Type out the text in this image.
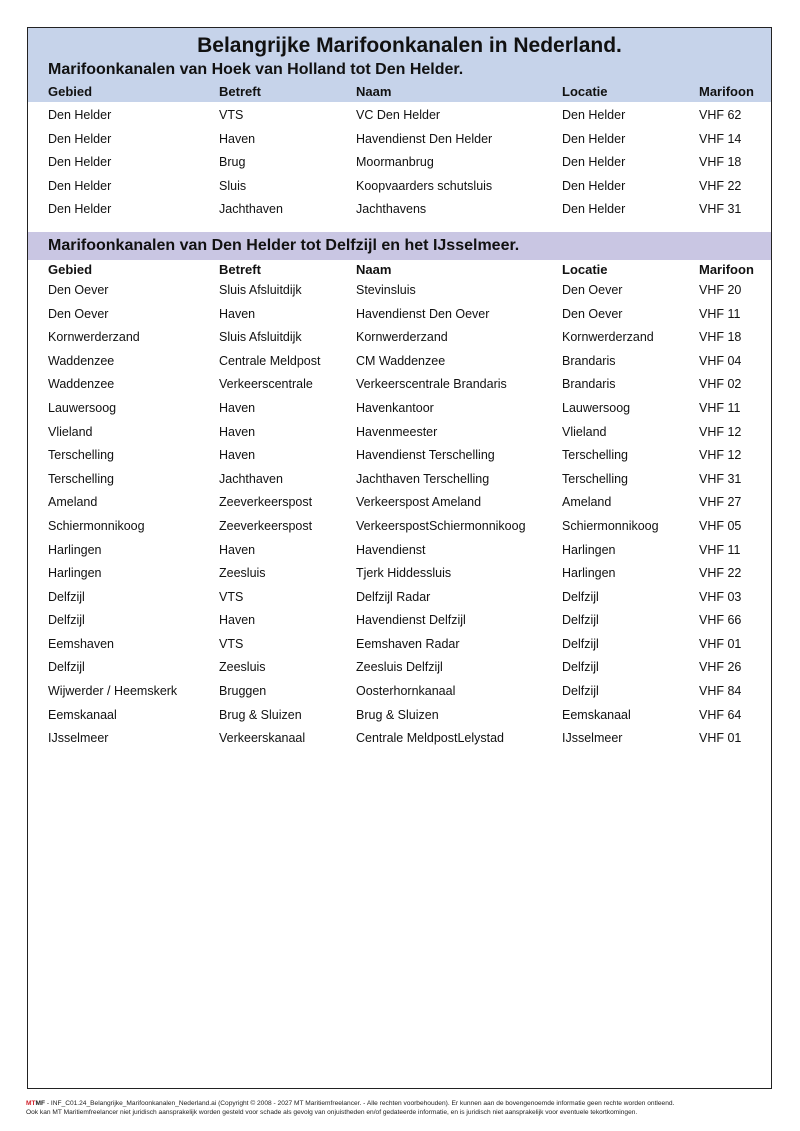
Belangrijke Marifoonkanalen in Nederland.
Marifoonkanalen van Hoek van Holland tot Den Helder.
Gebied	Betreft	Naam	Locatie	Marifoon
Den Helder	VTS	VC Den Helder	Den Helder	VHF 62
Den Helder	Haven	Havendienst Den Helder	Den Helder	VHF 14
Den Helder	Brug	Moormanbrug	Den Helder	VHF 18
Den Helder	Sluis	Koopvaarders schutsluis	Den Helder	VHF 22
Den Helder	Jachthaven	Jachthavens	Den Helder	VHF 31
Marifoonkanalen van Den Helder tot Delfzijl en het IJsselmeer.
Gebied	Betreft	Naam	Locatie	Marifoon
Den Oever	Sluis Afsluitdijk	Stevinsluis	Den Oever	VHF 20
Den Oever	Haven	Havendienst Den Oever	Den Oever	VHF 11
Kornwerderzand	Sluis Afsluitdijk	Kornwerderzand	Kornwerderzand	VHF 18
Waddenzee	Centrale Meldpost	CM Waddenzee	Brandaris	VHF 04
Waddenzee	Verkeerscentrale	Verkeerscentrale Brandaris	Brandaris	VHF 02
Lauwersoog	Haven	Havenkantoor	Lauwersoog	VHF 11
Vlieland	Haven	Havenmeester	Vlieland	VHF 12
Terschelling	Haven	Havendienst Terschelling	Terschelling	VHF 12
Terschelling	Jachthaven	Jachthaven Terschelling	Terschelling	VHF 31
Ameland	Zeeverkeerspost	Verkeerspost Ameland	Ameland	VHF 27
Schiermonnikoog	Zeeverkeerspost	VerkeerspostSchiermonnikoog	Schiermonnikoog	VHF 05
Harlingen	Haven	Havendienst	Harlingen	VHF 11
Harlingen	Zeesluis	Tjerk Hiddessluis	Harlingen	VHF 22
Delfzijl	VTS	Delfzijl Radar	Delfzijl	VHF 03
Delfzijl	Haven	Havendienst Delfzijl	Delfzijl	VHF 66
Eemshaven	VTS	Eemshaven Radar	Delfzijl	VHF 01
Delfzijl	Zeesluis	Zeesluis Delfzijl	Delfzijl	VHF 26
Wijwerder / Heemskerk	Bruggen	Oosterhornkanaal	Delfzijl	VHF 84
Eemskanaal	Brug & Sluizen	Brug & Sluizen	Eemskanaal	VHF 64
IJsselmeer	Verkeerskanaal	Centrale MeldpostLelystad	IJsselmeer	VHF 01
MTMF - INF_C01.24_Belangrijke_Marifoonkanalen_Nederland.ai (Copyright © 2008 - 2027 MT Maritiemfreelancer. - Alle rechten voorbehouden). Er kunnen aan de bovengenoemde informatie geen rechte worden ontleend.
Ook kan MT Maritiemfreelancer niet juridisch aansprakelijk worden gesteld voor schade als gevolg van onjuistheden en/of gedateerde informatie, en is juridisch niet aansprakelijk voor eventuele tekortkomingen.
